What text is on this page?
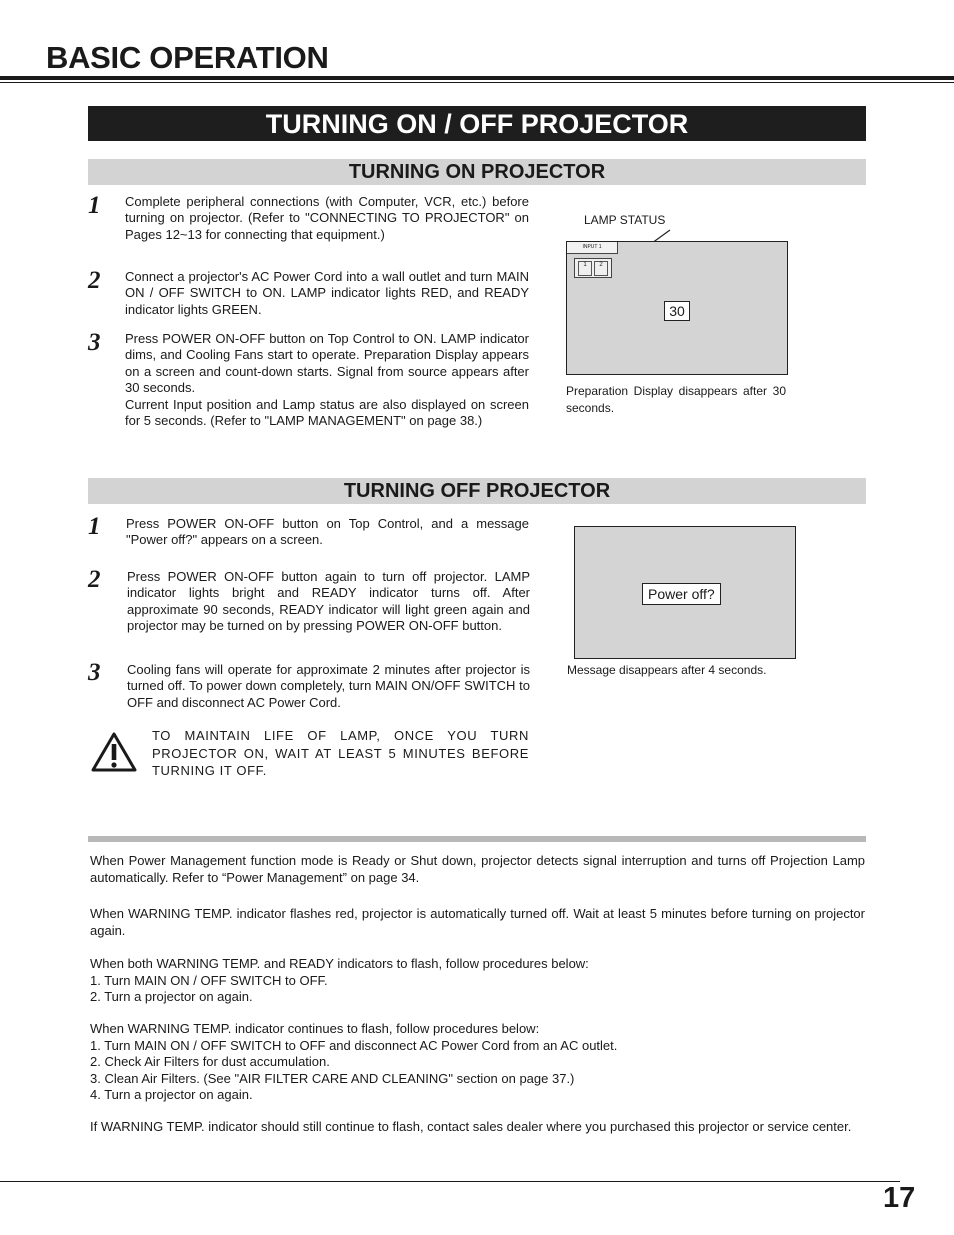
BASIC OPERATION
TURNING ON / OFF PROJECTOR
TURNING ON PROJECTOR
1 Complete peripheral connections (with Computer, VCR, etc.) before turning on projector. (Refer to "CONNECTING TO PROJECTOR" on Pages 12~13 for connecting that equipment.)
2 Connect a projector's AC Power Cord into a wall outlet and turn MAIN ON / OFF SWITCH to ON. LAMP indicator lights RED, and READY indicator lights GREEN.
3 Press POWER ON-OFF button on Top Control to ON. LAMP indicator dims, and Cooling Fans start to operate. Preparation Display appears on a screen and count-down starts. Signal from source appears after 30 seconds.
Current Input position and Lamp status are also displayed on screen for 5 seconds. (Refer to "LAMP MANAGEMENT" on page 38.)
LAMP STATUS
INPUT 1
1	2
30
Preparation Display disappears after 30 seconds.
TURNING OFF PROJECTOR
1 Press POWER ON-OFF button on Top Control, and a message "Power off?" appears on a screen.
2 Press POWER ON-OFF button again to turn off projector. LAMP indicator lights bright and READY indicator turns off. After approximate 90 seconds, READY indicator will light green again and projector may be turned on by pressing POWER ON-OFF button.
3 Cooling fans will operate for approximate 2 minutes after projector is turned off. To power down completely, turn MAIN ON/OFF SWITCH to OFF and disconnect AC Power Cord.
Power off?
Message disappears after 4 seconds.
TO MAINTAIN LIFE OF LAMP, ONCE YOU TURN PROJECTOR ON, WAIT AT LEAST 5 MINUTES BEFORE TURNING IT OFF.
When Power Management function mode is Ready or Shut down, projector detects signal interruption and turns off Projection Lamp automatically. Refer to “Power Management” on page 34.
When WARNING TEMP. indicator flashes red, projector is automatically turned off. Wait at least 5 minutes before turning on projector again.
When both WARNING TEMP. and READY indicators to flash, follow procedures below:
1. Turn MAIN ON / OFF SWITCH to OFF.
2. Turn a projector on again.
When WARNING TEMP. indicator continues to flash, follow procedures below:
1. Turn MAIN ON / OFF SWITCH to OFF and disconnect AC Power Cord from an AC outlet.
2. Check Air Filters for dust accumulation.
3. Clean Air Filters. (See "AIR FILTER CARE AND CLEANING" section on page 37.)
4. Turn a projector on again.
If WARNING TEMP. indicator should still continue to flash, contact sales dealer where you purchased this projector or service center.
17
